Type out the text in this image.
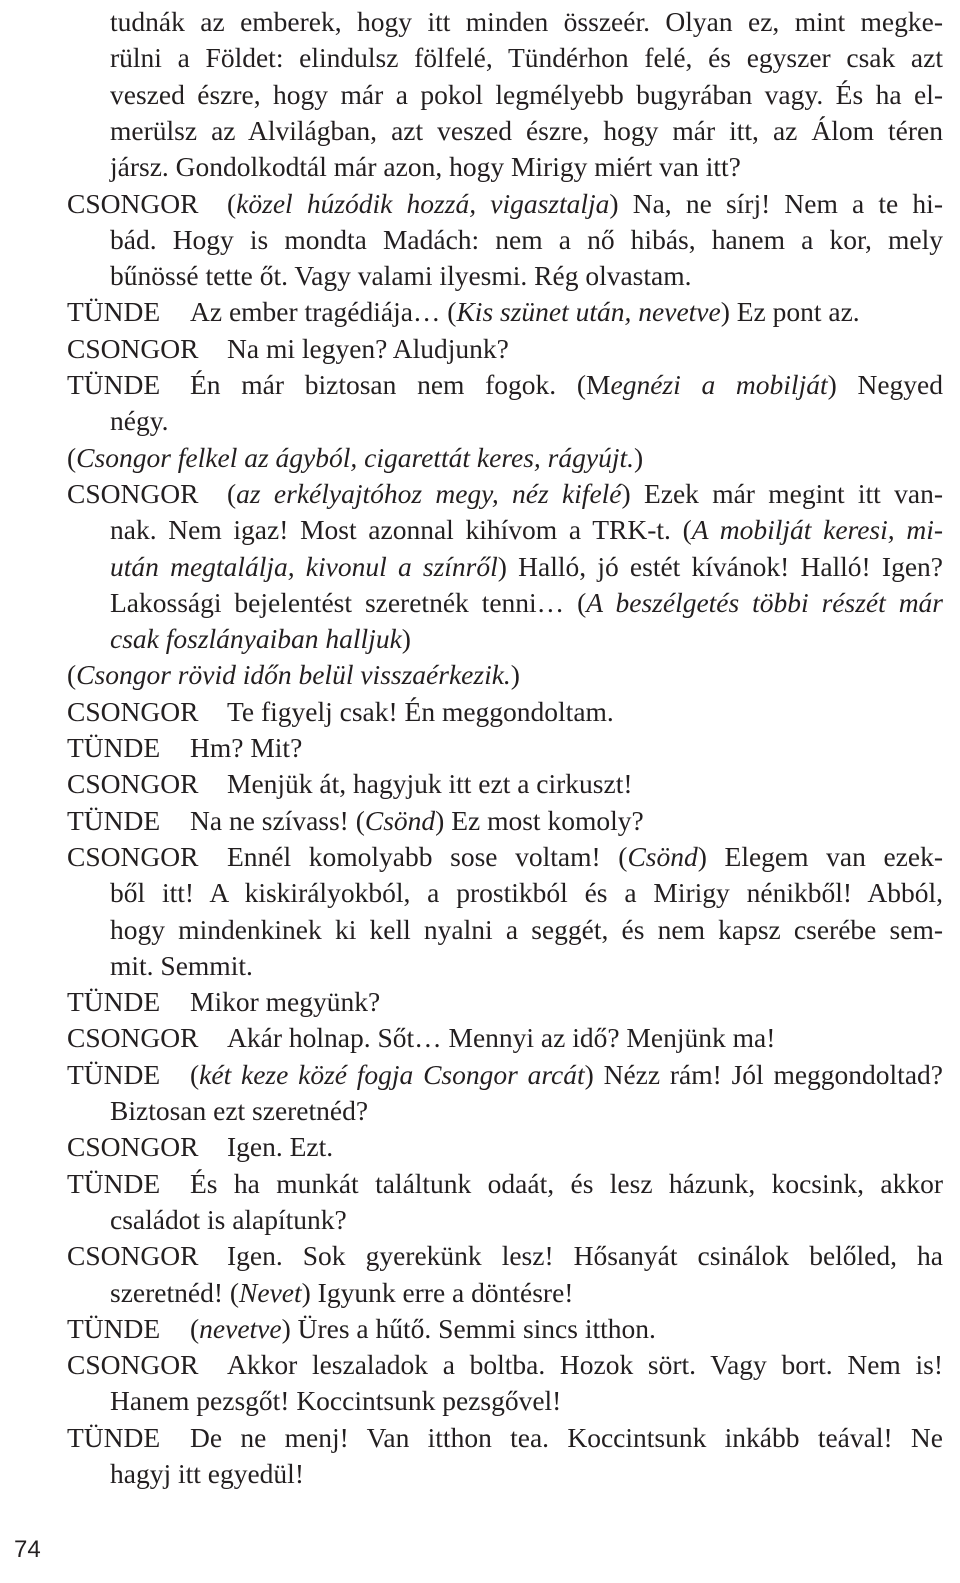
tudnák az emberek, hogy itt minden összeér. Olyan ez, mint megke-
rülni a Földet: elindulsz fölfelé, Tündérhon felé, és egyszer csak azt
veszed észre, hogy már a pokol legmélyebb bugyrában vagy. És ha el-
merülsz az Alvilágban, azt veszed észre, hogy már itt, az Álom téren
jársz. Gondolkodtál már azon, hogy Mirigy miért van itt?
CSONGOR	(közel húzódik hozzá, vigasztalja) Na, ne sírj! Nem a te hi-
bád. Hogy is mondta Madách: nem a nő hibás, hanem a kor, mely
bűnössé tette őt. Vagy valami ilyesmi. Rég olvastam.
TÜNDE	Az ember tragédiája… (Kis szünet után, nevetve) Ez pont az.
CSONGOR	Na mi legyen? Aludjunk?
TÜNDE	Én már biztosan nem fogok. (Megnézi a mobilját) Negyed
négy.
(Csongor felkel az ágyból, cigarettát keres, rágyújt.)
CSONGOR	(az erkélyajtóhoz megy, néz kifelé) Ezek már megint itt van-
nak. Nem igaz! Most azonnal kihívom a TRK-t. (A mobilját keresi, mi-
után megtalálja, kivonul a színről) Halló, jó estét kívánok! Halló! Igen?
Lakossági bejelentést szeretnék tenni… (A beszélgetés többi részét már
csak foszlányaiban halljuk)
(Csongor rövid időn belül visszaérkezik.)
CSONGOR	Te figyelj csak! Én meggondoltam.
TÜNDE	Hm? Mit?
CSONGOR	Menjük át, hagyjuk itt ezt a cirkuszt!
TÜNDE	Na ne szívass! (Csönd) Ez most komoly?
CSONGOR	Ennél komolyabb sose voltam! (Csönd) Elegem van ezek-
ből itt! A kiskirályokból, a prostikból és a Mirigy nénikből! Abból,
hogy mindenkinek ki kell nyalni a seggét, és nem kapsz cserébe sem-
mit. Semmit.
TÜNDE	Mikor megyünk?
CSONGOR	Akár holnap. Sőt… Mennyi az idő? Menjünk ma!
TÜNDE	(két keze közé fogja Csongor arcát) Nézz rám! Jól meggondoltad?
Biztosan ezt szeretnéd?
CSONGOR	Igen. Ezt.
TÜNDE	És ha munkát találtunk odaát, és lesz házunk, kocsink, akkor
családot is alapítunk?
CSONGOR	Igen. Sok gyerekünk lesz! Hősanyát csinálok belőled, ha
szeretnéd! (Nevet) Igyunk erre a döntésre!
TÜNDE	(nevetve) Üres a hűtő. Semmi sincs itthon.
CSONGOR	Akkor leszaladok a boltba. Hozok sört. Vagy bort. Nem is!
Hanem pezsgőt! Koccintsunk pezsgővel!
TÜNDE	De ne menj! Van itthon tea. Koccintsunk inkább teával! Ne
hagyj itt egyedül!
74
